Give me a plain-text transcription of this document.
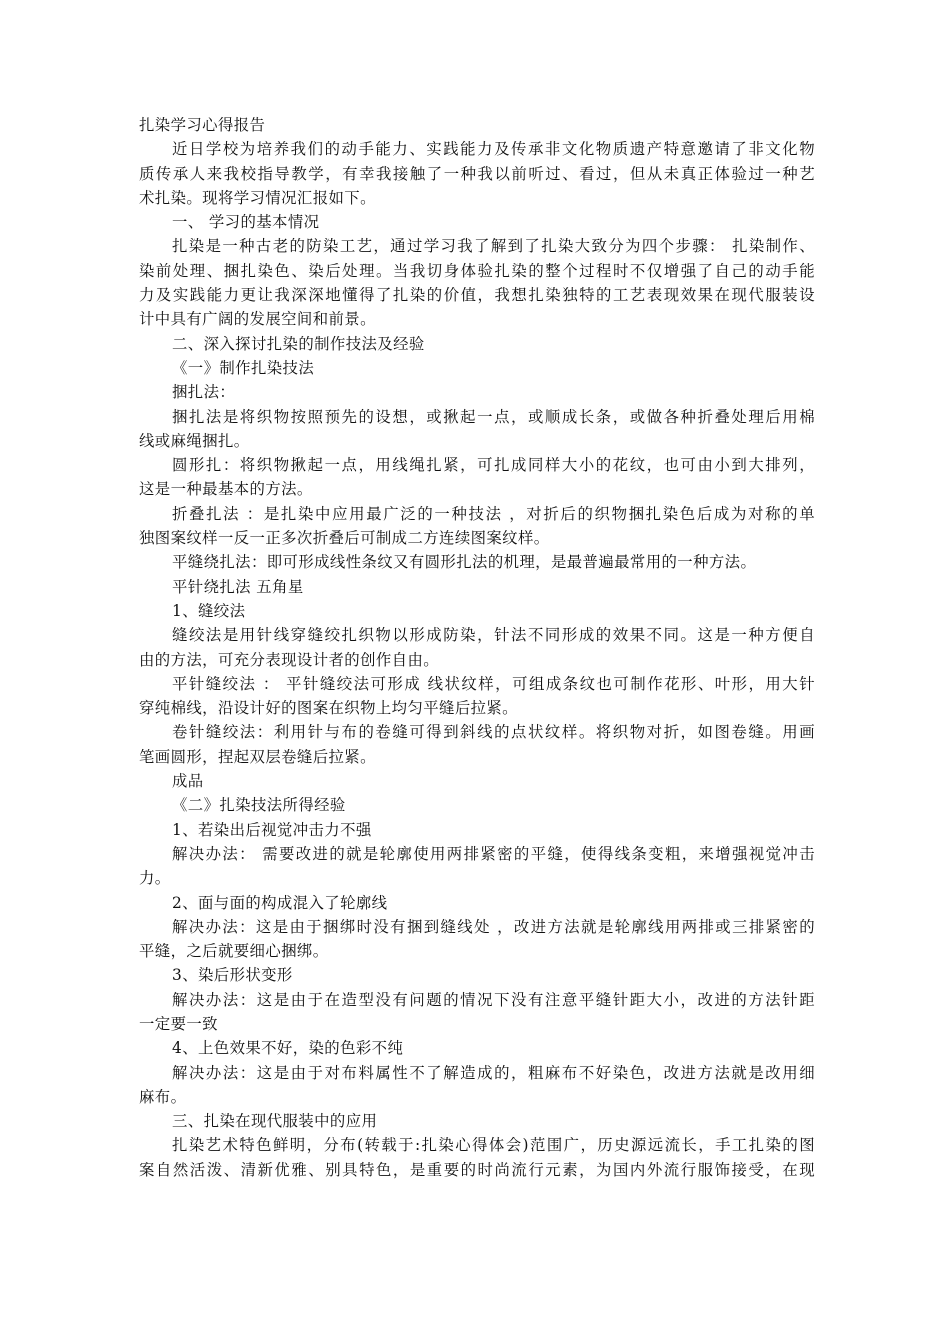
扎染学习心得报告
近日学校为培养我们的动手能力、实践能力及传承非文化物质遗产特意邀请了非文化物
质传承人来我校指导教学，有幸我接触了一种我以前听过、看过，但从未真正体验过一种艺
术扎染。现将学习情况汇报如下。
一、 学习的基本情况
扎染是一种古老的防染工艺，通过学习我了解到了扎染大致分为四个步骤： 扎染制作、
染前处理、捆扎染色、染后处理。当我切身体验扎染的整个过程时不仅增强了自己的动手能
力及实践能力更让我深深地懂得了扎染的价值，我想扎染独特的工艺表现效果在现代服装设
计中具有广阔的发展空间和前景。
二、深入探讨扎染的制作技法及经验
《一》制作扎染技法
捆扎法：
捆扎法是将织物按照预先的设想，或揪起一点，或顺成长条，或做各种折叠处理后用棉
线或麻绳捆扎。
圆形扎：将织物揪起一点，用线绳扎紧，可扎成同样大小的花纹，也可由小到大排列，
这是一种最基本的方法。
折叠扎法 ：是扎染中应用最广泛的一种技法 ，对折后的织物捆扎染色后成为对称的单
独图案纹样一反一正多次折叠后可制成二方连续图案纹样。
平缝绕扎法：即可形成线性条纹又有圆形扎法的机理，是最普遍最常用的一种方法。
平针绕扎法 五角星
1、缝绞法
缝绞法是用针线穿缝绞扎织物以形成防染，针法不同形成的效果不同。这是一种方便自
由的方法，可充分表现设计者的创作自由。
平针缝绞法 ： 平针缝绞法可形成 线状纹样，可组成条纹也可制作花形、叶形，用大针
穿纯棉线，沿设计好的图案在织物上均匀平缝后拉紧。
卷针缝绞法：利用针与布的卷缝可得到斜线的点状纹样。将织物对折，如图卷缝。用画
笔画圆形，捏起双层卷缝后拉紧。
成品
《二》扎染技法所得经验
1、若染出后视觉冲击力不强
解决办法： 需要改进的就是轮廓使用两排紧密的平缝，使得线条变粗，来增强视觉冲击
力。
2、面与面的构成混入了轮廓线
解决办法：这是由于捆绑时没有捆到缝线处 ，改进方法就是轮廓线用两排或三排紧密的
平缝，之后就要细心捆绑。
3、染后形状变形
解决办法：这是由于在造型没有问题的情况下没有注意平缝针距大小，改进的方法针距
一定要一致
4、上色效果不好，染的色彩不纯
解决办法：这是由于对布料属性不了解造成的，粗麻布不好染色，改进方法就是改用细
麻布。
三、扎染在现代服装中的应用
扎染艺术特色鲜明，分布(转载于:扎染心得体会)范围广，历史源远流长，手工扎染的图
案自然活泼、清新优雅、别具特色，是重要的时尚流行元素，为国内外流行服饰接受，在现
